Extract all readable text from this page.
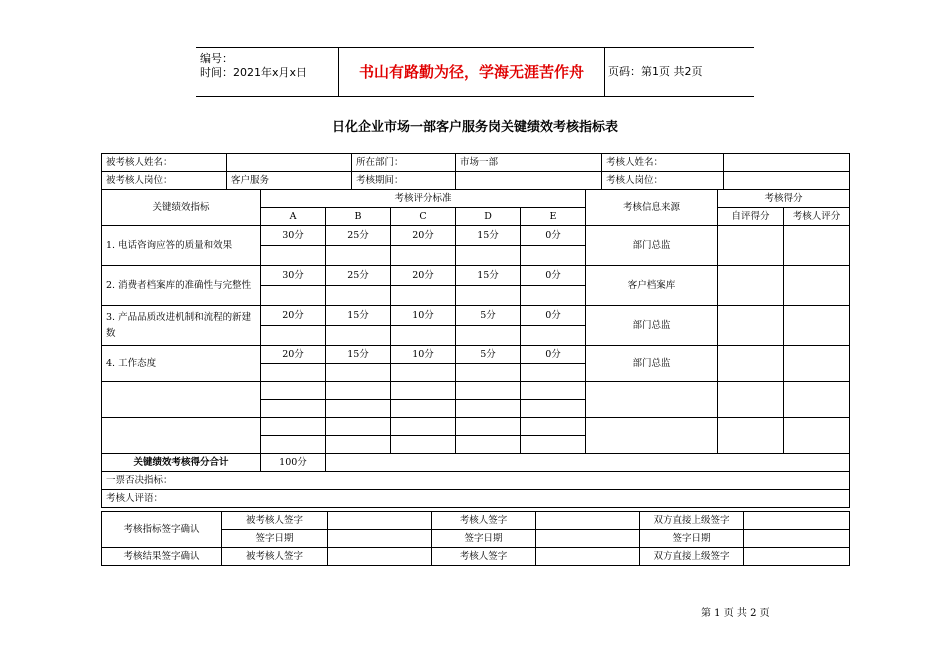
编号：
时间：2021年x月x日	书山有路勤为径，学海无涯苦作舟	页码：第1页 共2页
日化企业市场一部客户服务岗关键绩效考核指标表
被考核人姓名：		所在部门：	市场一部	考核人姓名：	
被考核人岗位：	客户服务	考核期间：		考核人岗位：	
关键绩效指标	考核评分标准					考核信息来源	考核得分	
	A	B	C	D	E		自评得分	考核人评分
1. 电话咨询应答的质量和效果	30分	25分	20分	15分	0分	部门总监		

2. 消费者档案库的准确性与完整性	30分	25分	20分	15分	0分	客户档案库		

3. 产品品质改进机制和流程的新建数	20分	15分	10分	5分	0分	部门总监		

4. 工作态度	20分	15分	10分	5分	0分	部门总监		

关键绩效考核得分合计	100分							
一票否决指标：								
考核人评语：								
考核指标签字确认	被考核人签字		考核人签字		双方直接上级签字	
	签字日期		签字日期		签字日期	
考核结果签字确认	被考核人签字		考核人签字		双方直接上级签字	
第 1 页 共 2 页
